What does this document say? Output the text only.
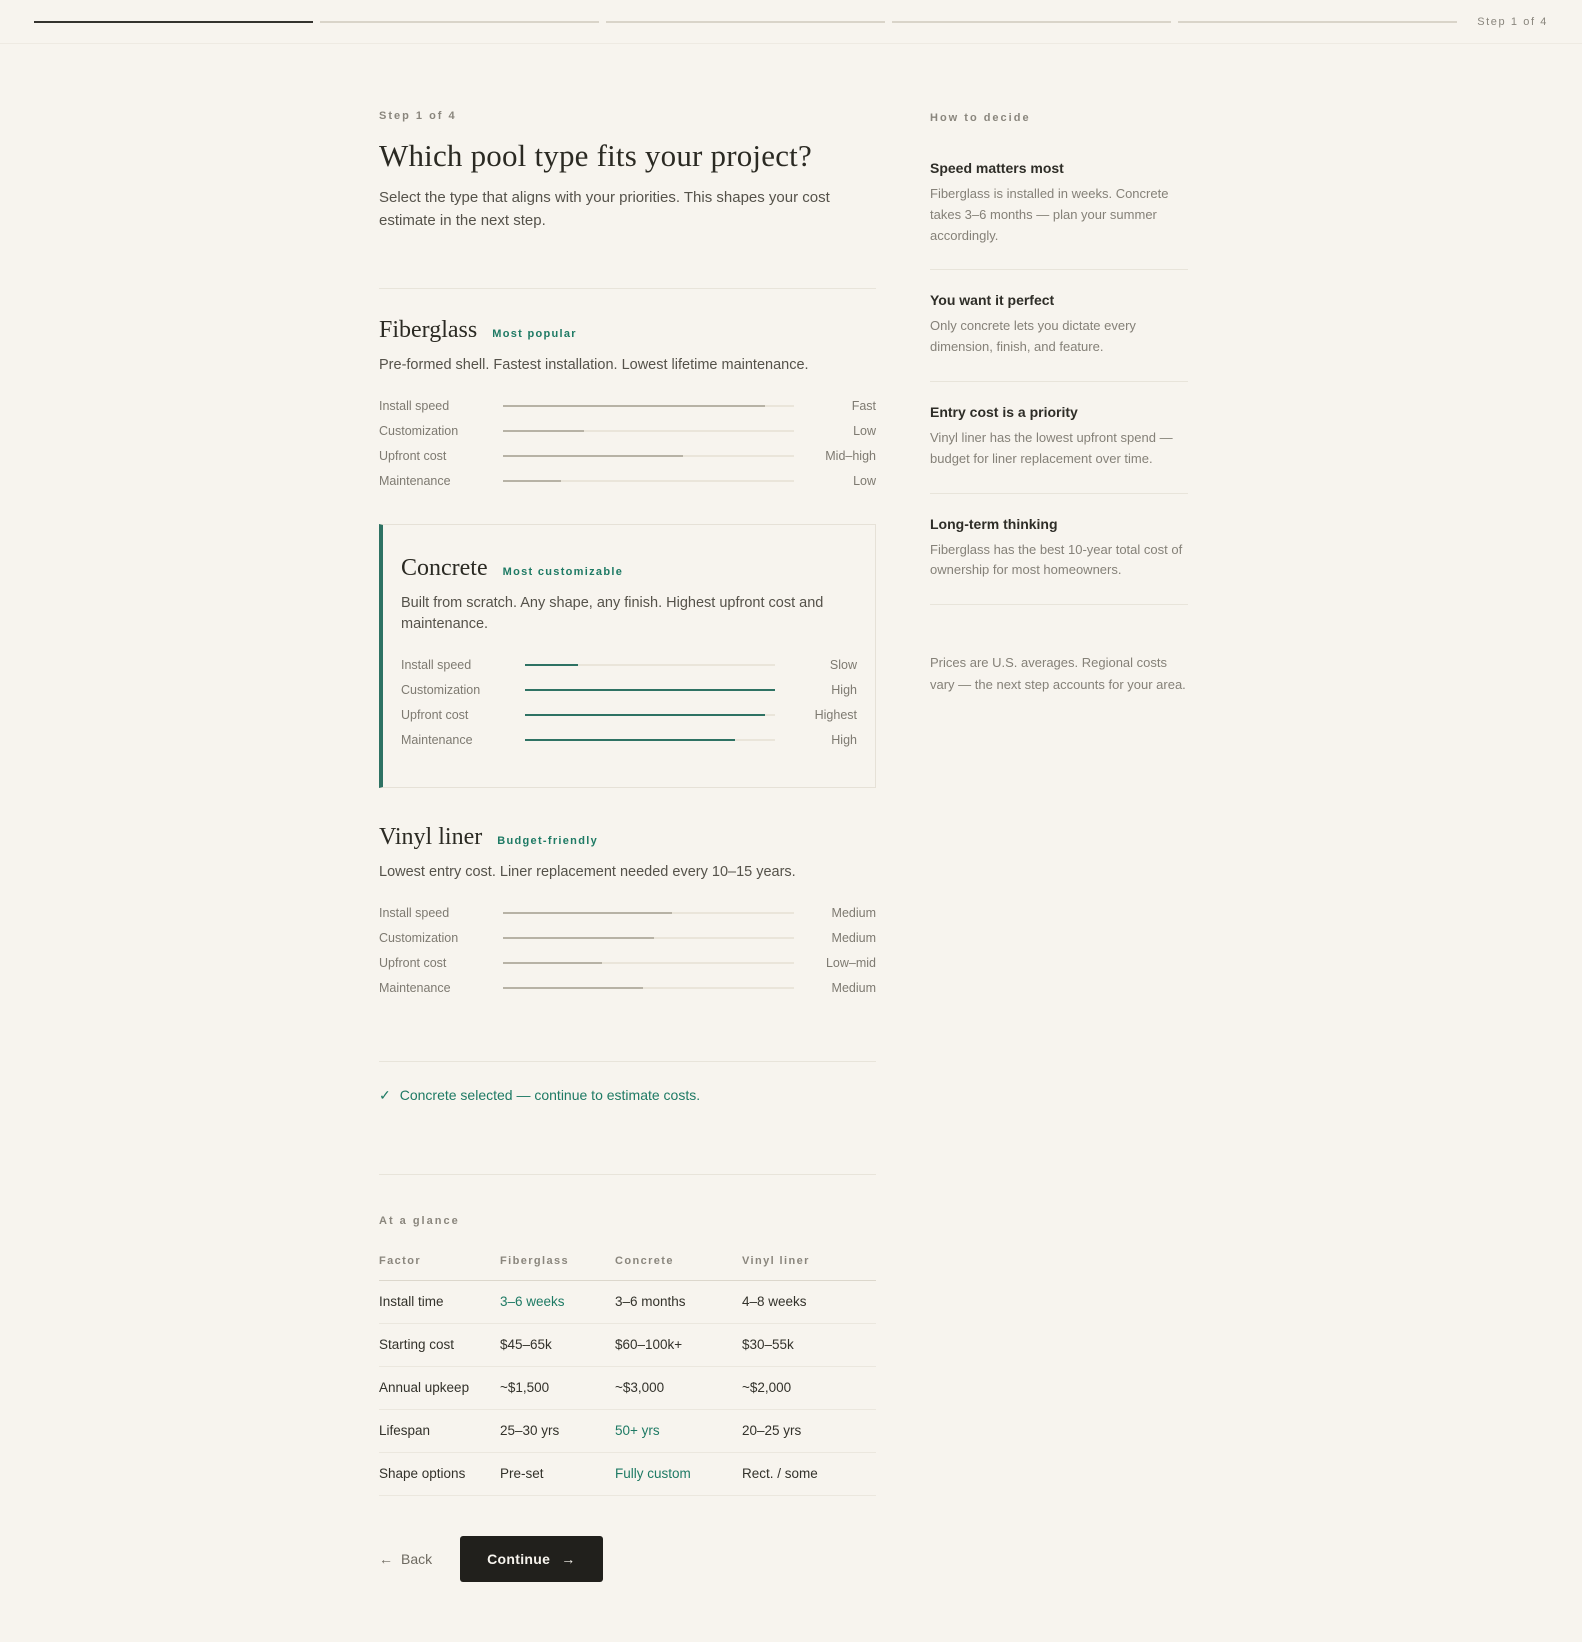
Step 1 of 4
Step 1 of 4
Which pool type fits your project?

Select the type that aligns with your priorities. This shapes your cost estimate in the next step.

Fiberglass Most popular

Pre-formed shell. Fastest installation. Lowest lifetime maintenance.

Install speed	Fast
Customization	Low
Upfront cost	Mid–high
Maintenance	Low
Concrete Most customizable

Built from scratch. Any shape, any finish. Highest upfront cost and maintenance.

Install speed	Slow
Customization	High
Upfront cost	Highest
Maintenance	High
Vinyl liner Budget-friendly

Lowest entry cost. Liner replacement needed every 10–15 years.

Install speed	Medium
Customization	Medium
Upfront cost	Low–mid
Maintenance	Medium
✓ Concrete selected — continue to estimate costs.
At a glance
Factor	Fiberglass	Concrete	Vinyl liner
Install time	3–6 weeks	3–6 months	4–8 weeks
Starting cost	$45–65k	$60–100k+	$30–55k
Annual upkeep	~$1,500	~$3,000	~$2,000
Lifespan	25–30 yrs	50+ yrs	20–25 yrs
Shape options	Pre-set	Fully custom	Rect. / some
← Back	Continue →
How to decide
Speed matters most

Fiberglass is installed in weeks. Concrete takes 3–6 months — plan your summer accordingly.

You want it perfect

Only concrete lets you dictate every dimension, finish, and feature.

Entry cost is a priority

Vinyl liner has the lowest upfront spend — budget for liner replacement over time.

Long-term thinking

Fiberglass has the best 10-year total cost of ownership for most homeowners.

Prices are U.S. averages. Regional costs vary — the next step accounts for your area.
